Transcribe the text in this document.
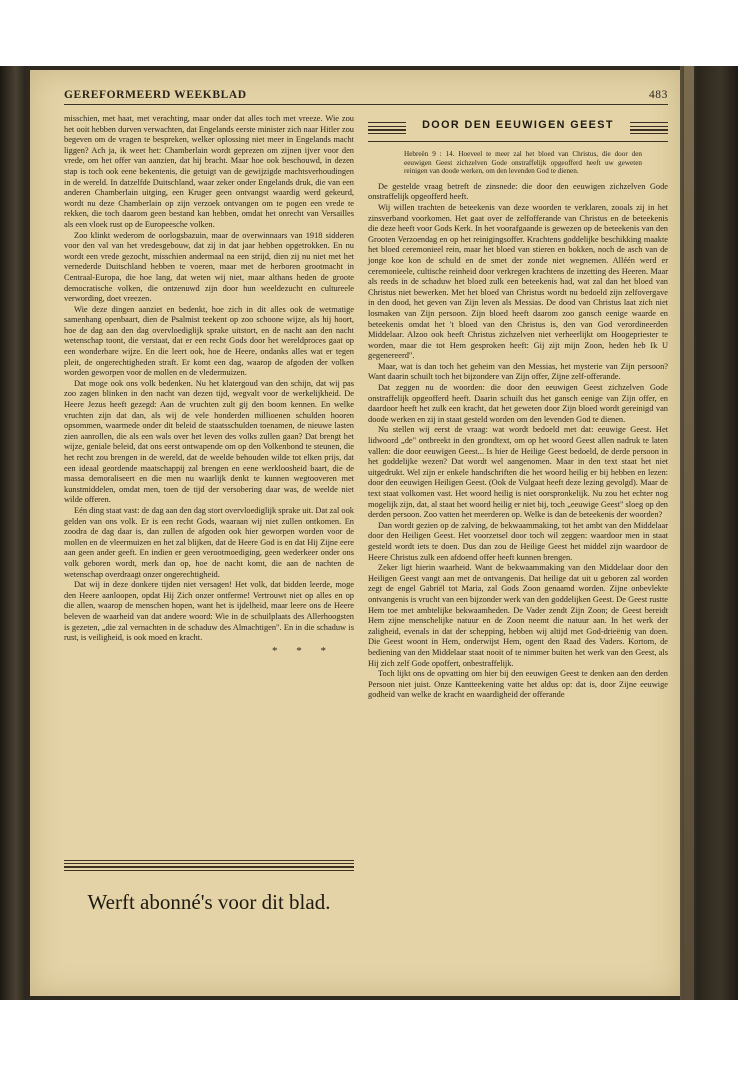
GEREFORMEERD WEEKBLAD	483

misschien, met haat, met verachting, maar onder dat alles toch met vreeze. Wie zou het ooit hebben durven verwachten, dat Engelands eerste minister zich naar Hitler zou begeven om de vragen te bespreken, welker oplossing niet meer in Engelands macht liggen? Ach ja, ik weet het: Chamberlain wordt geprezen om zijnen ijver voor den vrede, om het offer van aanzien, dat hij bracht. Maar hoe ook beschouwd, in dezen stap is toch ook eene bekentenis, die getuigt van de gewijzigde machtsverhoudingen in de wereld. In datzelfde Duitschland, waar zeker onder Engelands druk, die van een anderen Chamberlain uitging, een Kruger geen ontvangst waardig werd gekeurd, wordt nu deze Chamberlain op zijn verzoek ontvangen om te pogen een vrede te rekken, die toch daarom geen bestand kan hebben, omdat het onrecht van Versailles als een vloek rust op de Europeesche volken.

Zoo klinkt wederom de oorlogsbazuin, maar de overwinnaars van 1918 sidderen voor den val van het vredesgebouw, dat zij in dat jaar hebben opgetrokken. En nu wordt een vrede gezocht, misschien andermaal na een strijd, dien zij nu niet met het vernederde Duitschland hebben te voeren, maar met de herboren grootmacht in Centraal-Europa, die hoe lang, dat weten wij niet, maar althans heden de groote democratische volken, die ontzenuwd zijn door hun weeldezucht en cultureele verwording, doet vreezen.

Wie deze dingen aanziet en bedenkt, hoe zich in dit alles ook de wetmatige samenhang openbaart, dien de Psalmist teekent op zoo schoone wijze, als hij hoort, hoe de dag aan den dag overvloediglijk sprake uitstort, en de nacht aan den nacht wetenschap toont, die verstaat, dat er een recht Gods door het wereldproces gaat op een wonderbare wijze. En die leert ook, hoe de Heere, ondanks alles wat er tegen pleit, de ongerechtigheden straft. Er komt een dag, waarop de afgoden der volken worden geworpen voor de mollen en de vledermuizen.

Dat moge ook ons volk bedenken. Nu het klatergoud van den schijn, dat wij pas zoo zagen blinken in den nacht van dezen tijd, wegvalt voor de werkelijkheid. De Heere Jezus heeft gezegd: Aan de vruchten zult gij den boom kennen. En welke vruchten zijn dat dan, als wij de vele honderden millioenen schulden hooren opsommen, waarmede onder dit beleid de staatsschulden toenamen, de nieuwe lasten zien aanrollen, die als een wals over het leven des volks zullen gaan? Dat brengt het wijze, geniale beleid, dat ons eerst ontwapende om op den Volkenbond te steunen, die het recht zou brengen in de wereld, dat de weelde behouden wilde tot elken prijs, dat een ideaal geordende maatschappij zal brengen en eene werkloosheid baart, die de massa demoraliseert en die men nu waarlijk denkt te kunnen wegtooveren met kunstmiddelen, omdat men, toen de tijd der versobering daar was, de weelde niet wilde offeren.

Eén ding staat vast: de dag aan den dag stort overvloediglijk sprake uit. Dat zal ook gelden van ons volk. Er is een recht Gods, waaraan wij niet zullen ontkomen. En zoodra de dag daar is, dan zullen de afgoden ook hier geworpen worden voor de mollen en de vleermuizen en het zal blijken, dat de Heere God is en dat Hij Zijne eere aan geen ander geeft. En indien er geen verootmoediging, geen wederkeer onder ons volk geboren wordt, merk dan op, hoe de nacht komt, die aan de nachten de wetenschap overdraagt onzer ongerechtigheid.

Dat wij in deze donkere tijden niet versagen! Het volk, dat bidden leerde, moge den Heere aanloopen, opdat Hij Zich onzer ontferme! Vertrouwt niet op alles en op die allen, waarop de menschen hopen, want het is ijdelheid, maar leere ons de Heere beleven de waarheid van dat andere woord: Wie in de schuilplaats des Allerhoogsten is gezeten, „die zal vernachten in de schaduw des Almachtigen". En in die schaduw is rust, is veiligheid, is ook moed en kracht.

* * *
Werft abonné's voor dit blad.
DOOR DEN EEUWIGEN GEEST
Hebreën 9 : 14. Hoeveel te meer zal het bloed van Christus, die door den eeuwigen Geest zichzelven Gode onstraffelijk opgeofferd heeft uw geweten reinigen van doode werken, om den levenden God te dienen.

De gestelde vraag betreft de zinsnede: die door den eeuwigen zichzelven Gode onstraffelijk opgeofferd heeft.

Wij willen trachten de beteekenis van deze woorden te verklaren, zooals zij in het zinsverband voorkomen. Het gaat over de zelfofferande van Christus en de beteekenis die deze heeft voor Gods Kerk. In het voorafgaande is gewezen op de beteekenis van den Grooten Verzoendag en op het reinigingsoffer. Krachtens goddelijke beschikking maakte het bloed ceremonieel rein, maar het bloed van stieren en bokken, noch de asch van de jonge koe kon de schuld en de smet der zonde niet wegnemen. Alléén werd er ceremonieele, cultische reinheid door verkregen krachtens de inzetting des Heeren. Maar als reeds in de schaduw het bloed zulk een beteekenis had, wat zal dan het bloed van Christus niet bewerken. Met het bloed van Christus wordt nu bedoeld zijn zelfovergave in den dood, het geven van Zijn leven als Messias. De dood van Christus laat zich niet losmaken van Zijn persoon. Zijn bloed heeft daarom zoo gansch eenige waarde en beteekenis omdat het 't bloed van den Christus is, den van God verordineerden Middelaar. Alzoo ook heeft Christus zichzelven niet verheerlijkt om Hoogepriester te worden, maar die tot Hem gesproken heeft: Gij zijt mijn Zoon, heden heb Ik U gegenereerd".

Maar, wat is dan toch het geheim van den Messias, het mysterie van Zijn persoon? Want daarin schuilt toch het bijzondere van Zijn offer, Zijne zelf-offerande.

Dat zeggen nu de woorden: die door den eeuwigen Geest zichzelven Gode onstraffelijk opgeofferd heeft. Daarin schuilt dus het gansch eenige van Zijn offer, en daardoor heeft het zulk een kracht, dat het geweten door Zijn bloed wordt gereinigd van doode werken en zij in staat gesteld worden om den levenden God te dienen.

Nu stellen wij eerst de vraag: wat wordt bedoeld met dat: eeuwige Geest. Het lidwoord „de" ontbreekt in den grondtext, om op het woord Geest allen nadruk te laten vallen: die door eeuwigen Geest... Is hier de Heilige Geest bedoeld, de derde persoon in het goddelijke wezen? Dat wordt wel aangenomen. Maar in den text staat het niet uitgedrukt. Wel zijn er enkele handschriften die het woord heilig er bij hebben en lezen: door den eeuwigen Heiligen Geest. (Ook de Vulgaat heeft deze lezing gevolgd). Maar de text staat volkomen vast. Het woord heilig is niet oorspronkelijk. Nu zou het echter nog mogelijk zijn, dat, al staat het woord heilig er niet bij, toch „eeuwige Geest" sloeg op den derden persoon. Zoo vatten het meerderen op. Welke is dan de beteekenis der woorden?

Dan wordt gezien op de zalving, de bekwaammaking, tot het ambt van den Middelaar door den Heiligen Geest. Het voorzetsel door toch wil zeggen: waardoor men in staat gesteld wordt iets te doen. Dus dan zou de Heilige Geest het middel zijn waardoor de Heere Christus zulk een afdoend offer heeft kunnen brengen.

Zeker ligt hierin waarheid. Want de bekwaammaking van den Middelaar door den Heiligen Geest vangt aan met de ontvangenis. Dat heilige dat uit u geboren zal worden zegt de engel Gabriël tot Maria, zal Gods Zoon genaamd worden. Zijne onbevlekte ontvangenis is vrucht van een bijzonder werk van den goddelijken Geest. De Geest rustte Hem toe met ambtelijke bekwaamheden. De Vader zendt Zijn Zoon; de Geest bereidt Hem zijne menschelijke natuur en de Zoon neemt die natuur aan. In het werk der zaligheid, evenals in dat der schepping, hebben wij altijd met God-drieënig van doen. Die Geest woont in Hem, onderwijst Hem, ogent den Raad des Vaders. Kortom, de bediening van den Middelaar staat nooit of te nimmer buiten het werk van den Geest, als Hij zich zelf Gode opoffert, onbestraffelijk.

Toch lijkt ons de opvatting om hier bij den eeuwigen Geest te denken aan den derden Persoon niet juist. Onze Kantteekening vatte het aldus op: dat is, door Zijne eeuwige godheid van welke de kracht en waardigheid der offerande
